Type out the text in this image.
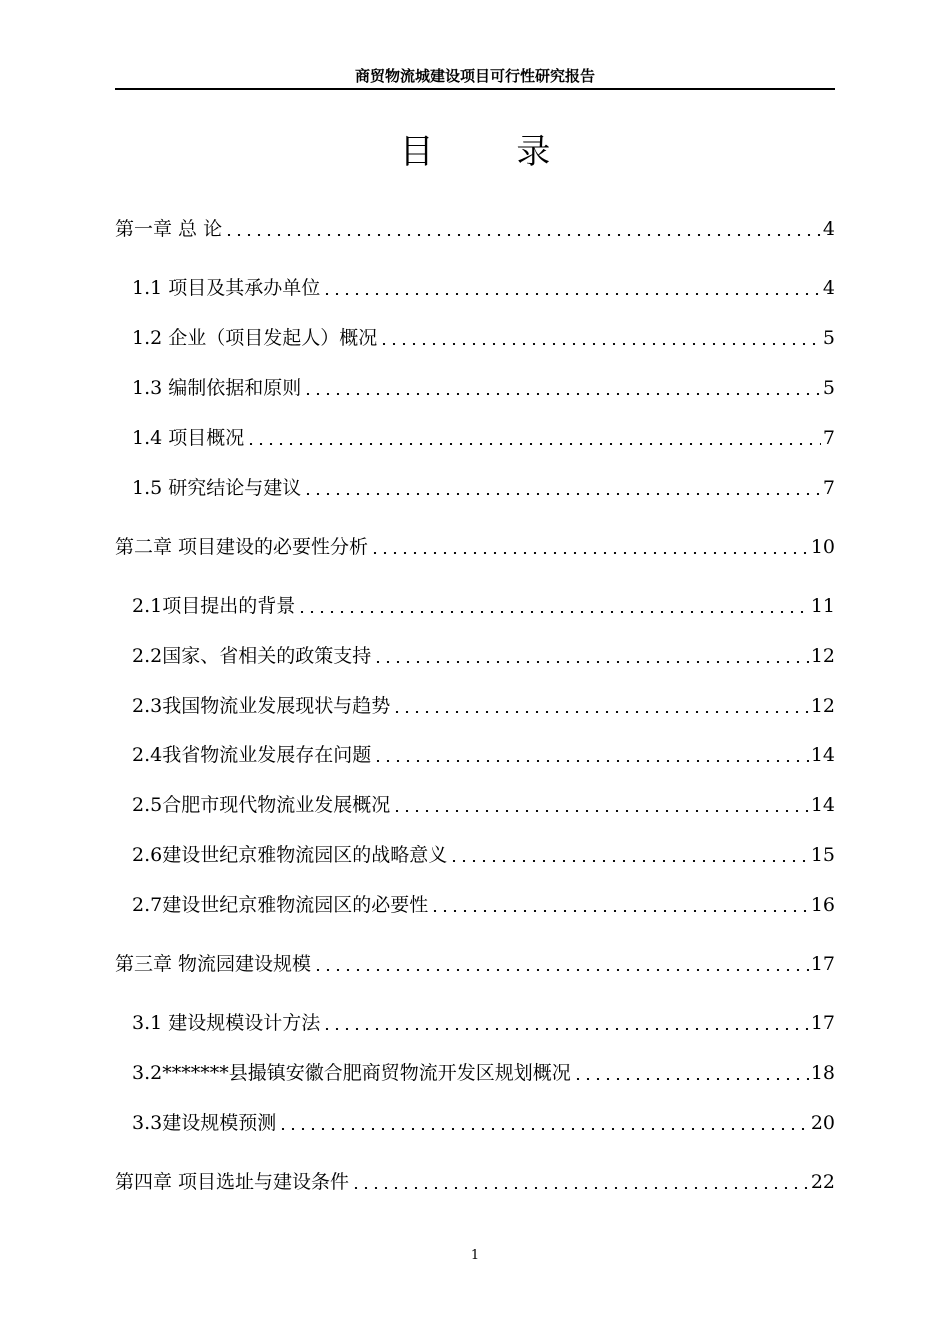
商贸物流城建设项目可行性研究报告
目 录
第一章 总 论	4
1.1 项目及其承办单位	4
1.2 企业（项目发起人）概况	5
1.3 编制依据和原则	5
1.4 项目概况	7
1.5 研究结论与建议	7
第二章 项目建设的必要性分析	10
2.1项目提出的背景	11
2.2国家、省相关的政策支持	12
2.3我国物流业发展现状与趋势	12
2.4我省物流业发展存在问题	14
2.5合肥市现代物流业发展概况	14
2.6建设世纪京雅物流园区的战略意义	15
2.7建设世纪京雅物流园区的必要性	16
第三章 物流园建设规模	17
3.1 建设规模设计方法	17
3.2*******县撮镇安徽合肥商贸物流开发区规划概况	18
3.3建设规模预测	20
第四章 项目选址与建设条件	22
1
